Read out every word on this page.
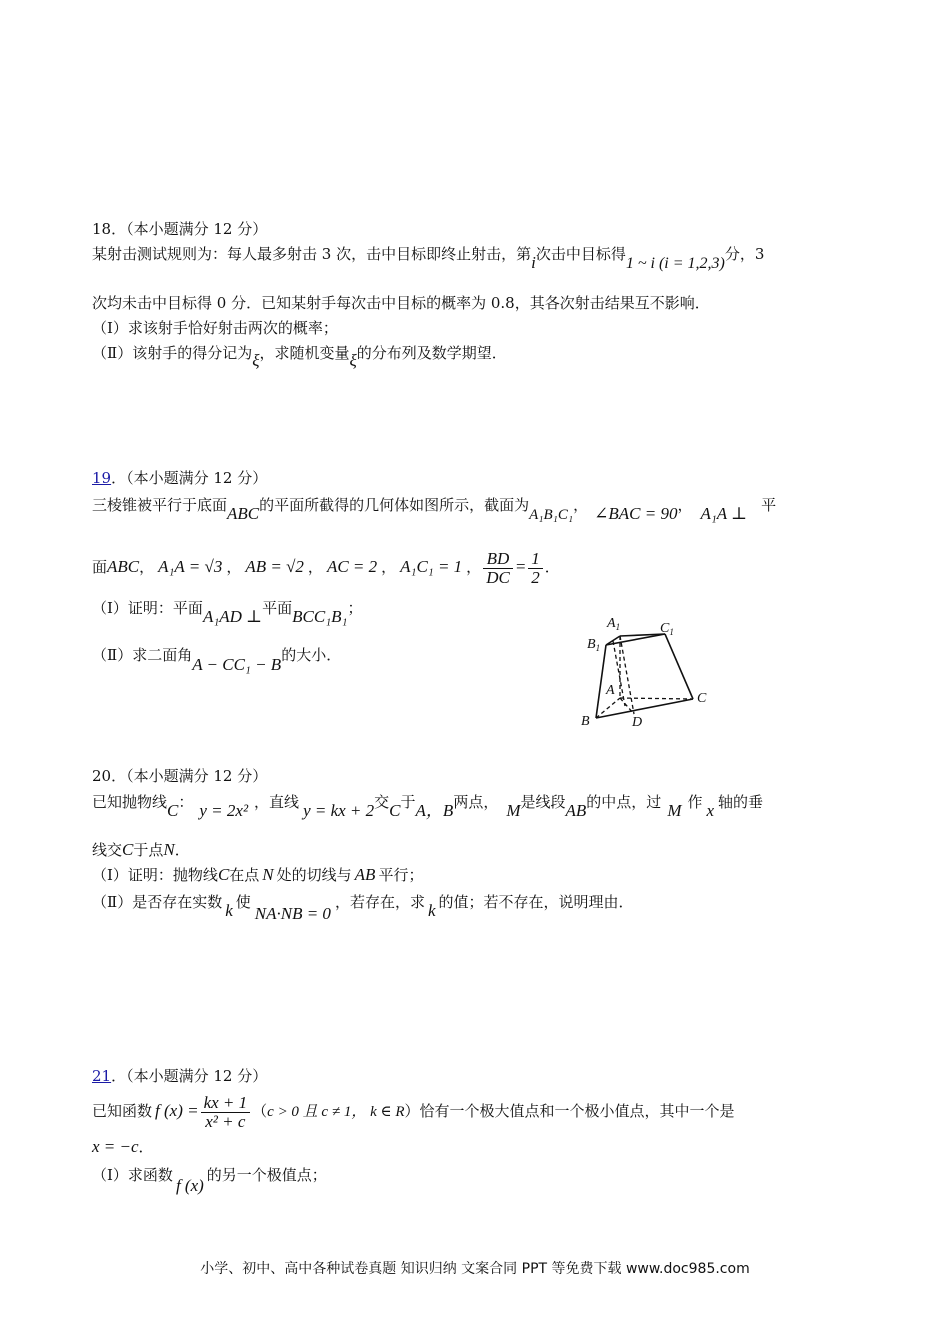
18．（本小题满分 12 分）
某射击测试规则为：每人最多射击 3 次，击中目标即终止射击，第i次击中目标得1 ~ i (i = 1,2,3)分，3
次均未击中目标得 0 分．已知某射手每次击中目标的概率为 0.8，其各次射击结果互不影响．
（Ⅰ）求该射手恰好射击两次的概率；
（Ⅱ）该射手的得分记为ξ，求随机变量ξ的分布列及数学期望．
19．（本小题满分 12 分）
三棱锥被平行于底面ABC的平面所截得的几何体如图所示，截面为A₁B₁C₁， ∠BAC = 90， A₁A ⊥ 平
面ABC， A₁A = √3 ， AB = √2 ， AC = 2 ， A₁C₁ = 1 ， $\frac{BD}{DC} = \frac{1}{2}$ ．
（Ⅰ）证明：平面A₁AD ⊥平面BCC₁B₁；
（Ⅱ）求二面角A − CC₁ − B的大小．
$A_1$	$C_1$
$B_1$
A
B
C
D
20．（本小题满分 12 分）
已知抛物线C： y = 2x² ，直线 y = kx + 2交C于A，B两点， M是线段AB的中点，过 M 作 x 轴的垂
线交C于点N．
（Ⅰ）证明：抛物线C在点 N 处的切线与 AB 平行；
（Ⅱ）是否存在实数 k 使NA·NB = 0，若存在，求 k 的值；若不存在，说明理由．
21．（本小题满分 12 分）
已知函数 f $(x) = \frac{kx + 1}{\text{x² + c}} (c > 0$ 且 c ≠ 1， k ∈ R）恰有一个极大值点和一个极小值点，其中一个是
x = −c．
（Ⅰ）求函数f (x)的另一个极值点；
小学、初中、高中各种试卷真题 知识归纳 文案合同 PPT 等免费下载 www.doc985.com
